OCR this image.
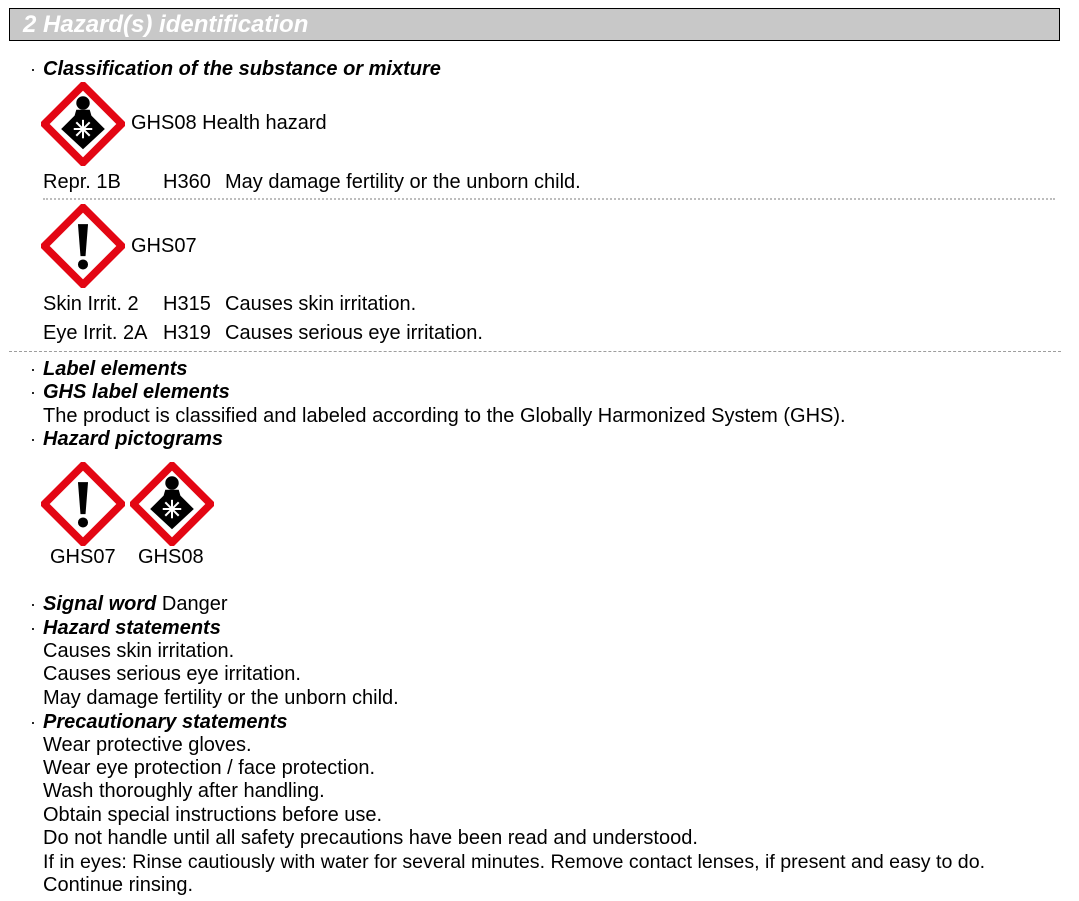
2 Hazard(s) identification
· Classification of the substance or mixture
GHS08 Health hazard
Repr. 1B H360 May damage fertility or the unborn child.
GHS07
Skin Irrit. 2 H315 Causes skin irritation.
Eye Irrit. 2A H319 Causes serious eye irritation.
· Label elements
· GHS label elements
The product is classified and labeled according to the Globally Harmonized System (GHS).
· Hazard pictograms
GHS07 GHS08
· Signal word Danger
· Hazard statements
Causes skin irritation.
Causes serious eye irritation.
May damage fertility or the unborn child.
· Precautionary statements
Wear protective gloves.
Wear eye protection / face protection.
Wash thoroughly after handling.
Obtain special instructions before use.
Do not handle until all safety precautions have been read and understood.
If in eyes: Rinse cautiously with water for several minutes. Remove contact lenses, if present and easy to do.
Continue rinsing.
